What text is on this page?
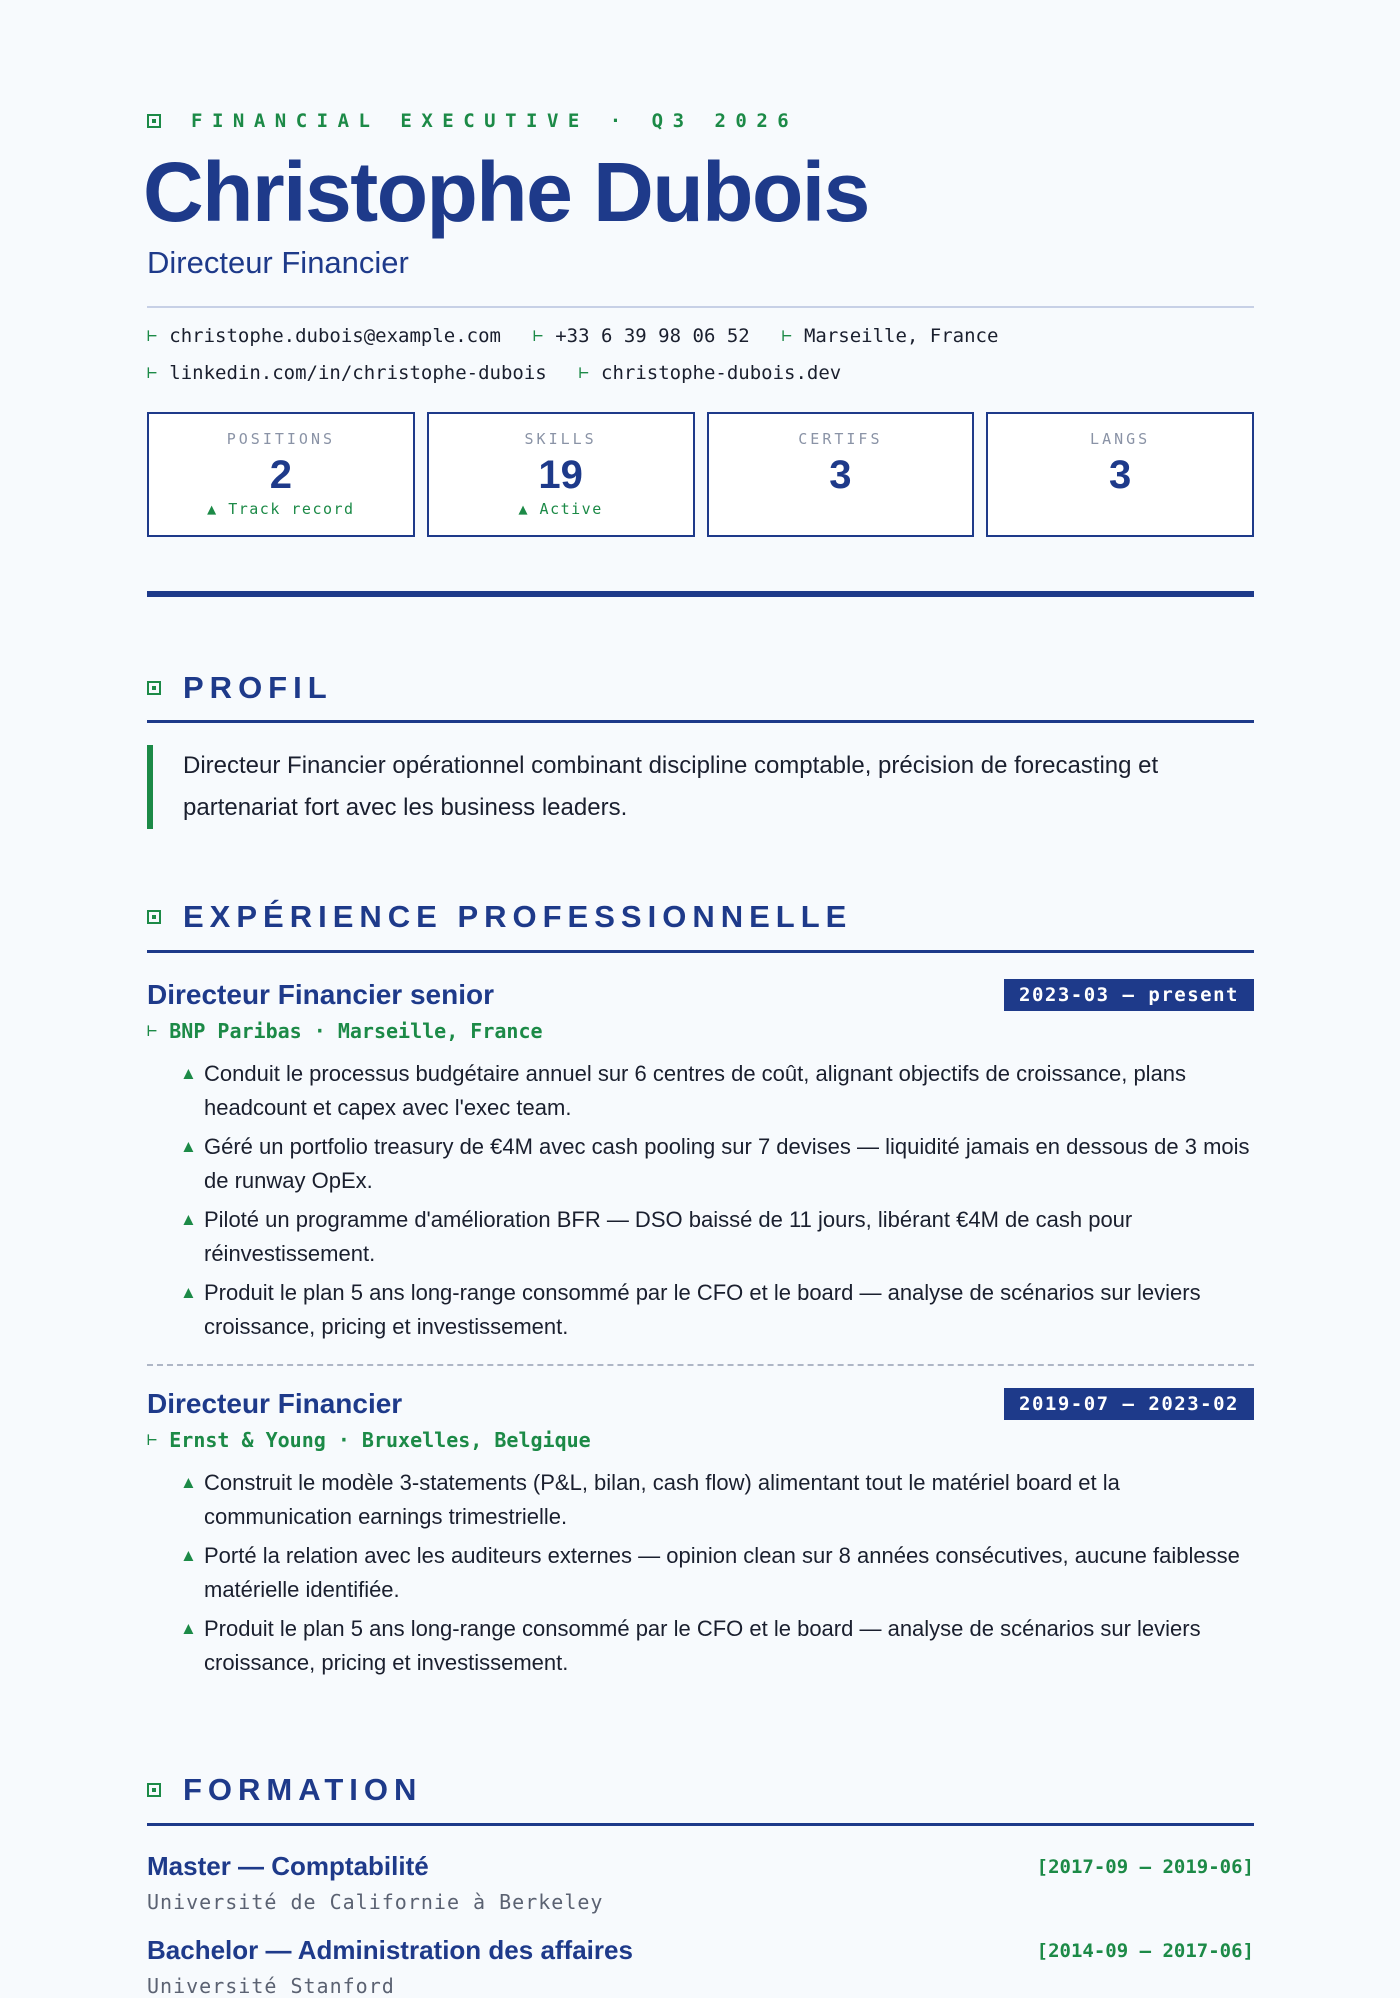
FINANCIAL EXECUTIVE · Q3 2026
Christophe Dubois
Directeur Financier
⊢ christophe.dubois@example.com ⊢ +33 6 39 98 06 52 ⊢ Marseille, France
⊢ linkedin.com/in/christophe-dubois ⊢ christophe-dubois.dev
POSITIONS
2
▲ Track record
SKILLS
19
▲ Active
CERTIFS
3
LANGS
3
PROFIL
Directeur Financier opérationnel combinant discipline comptable, précision de forecasting et partenariat fort avec les business leaders.
EXPÉRIENCE PROFESSIONNELLE
Directeur Financier senior	2023-03 — present
⊢ BNP Paribas · Marseille, France
▲ Conduit le processus budgétaire annuel sur 6 centres de coût, alignant objectifs de croissance, plans headcount et capex avec l'exec team.
▲ Géré un portfolio treasury de €4M avec cash pooling sur 7 devises — liquidité jamais en dessous de 3 mois de runway OpEx.
▲ Piloté un programme d'amélioration BFR — DSO baissé de 11 jours, libérant €4M de cash pour réinvestissement.
▲ Produit le plan 5 ans long-range consommé par le CFO et le board — analyse de scénarios sur leviers croissance, pricing et investissement.
Directeur Financier	2019-07 — 2023-02
⊢ Ernst & Young · Bruxelles, Belgique
▲ Construit le modèle 3-statements (P&L, bilan, cash flow) alimentant tout le matériel board et la communication earnings trimestrielle.
▲ Porté la relation avec les auditeurs externes — opinion clean sur 8 années consécutives, aucune faiblesse matérielle identifiée.
▲ Produit le plan 5 ans long-range consommé par le CFO et le board — analyse de scénarios sur leviers croissance, pricing et investissement.
FORMATION
Master — Comptabilité	[2017-09 – 2019-06]
Université de Californie à Berkeley
Bachelor — Administration des affaires	[2014-09 – 2017-06]
Université Stanford
